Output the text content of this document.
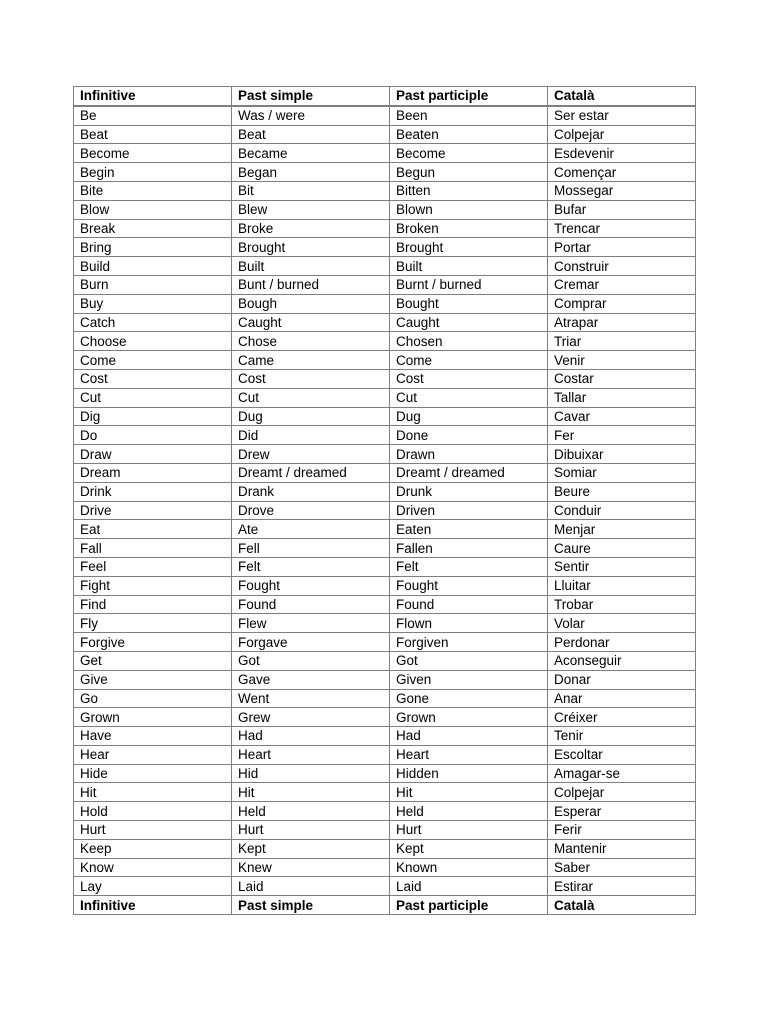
Infinitive	Past simple	Past participle	Català
Be	Was / were	Been	Ser estar
Beat	Beat	Beaten	Colpejar
Become	Became	Become	Esdevenir
Begin	Began	Begun	Començar
Bite	Bit	Bitten	Mossegar
Blow	Blew	Blown	Bufar
Break	Broke	Broken	Trencar
Bring	Brought	Brought	Portar
Build	Built	Built	Construir
Burn	Bunt / burned	Burnt / burned	Cremar
Buy	Bough	Bought	Comprar
Catch	Caught	Caught	Atrapar
Choose	Chose	Chosen	Triar
Come	Came	Come	Venir
Cost	Cost	Cost	Costar
Cut	Cut	Cut	Tallar
Dig	Dug	Dug	Cavar
Do	Did	Done	Fer
Draw	Drew	Drawn	Dibuixar
Dream	Dreamt / dreamed	Dreamt / dreamed	Somiar
Drink	Drank	Drunk	Beure
Drive	Drove	Driven	Conduir
Eat	Ate	Eaten	Menjar
Fall	Fell	Fallen	Caure
Feel	Felt	Felt	Sentir
Fight	Fought	Fought	Lluitar
Find	Found	Found	Trobar
Fly	Flew	Flown	Volar
Forgive	Forgave	Forgiven	Perdonar
Get	Got	Got	Aconseguir
Give	Gave	Given	Donar
Go	Went	Gone	Anar
Grown	Grew	Grown	Créixer
Have	Had	Had	Tenir
Hear	Heart	Heart	Escoltar
Hide	Hid	Hidden	Amagar-se
Hit	Hit	Hit	Colpejar
Hold	Held	Held	Esperar
Hurt	Hurt	Hurt	Ferir
Keep	Kept	Kept	Mantenir
Know	Knew	Known	Saber
Lay	Laid	Laid	Estirar
Infinitive	Past simple	Past participle	Català
